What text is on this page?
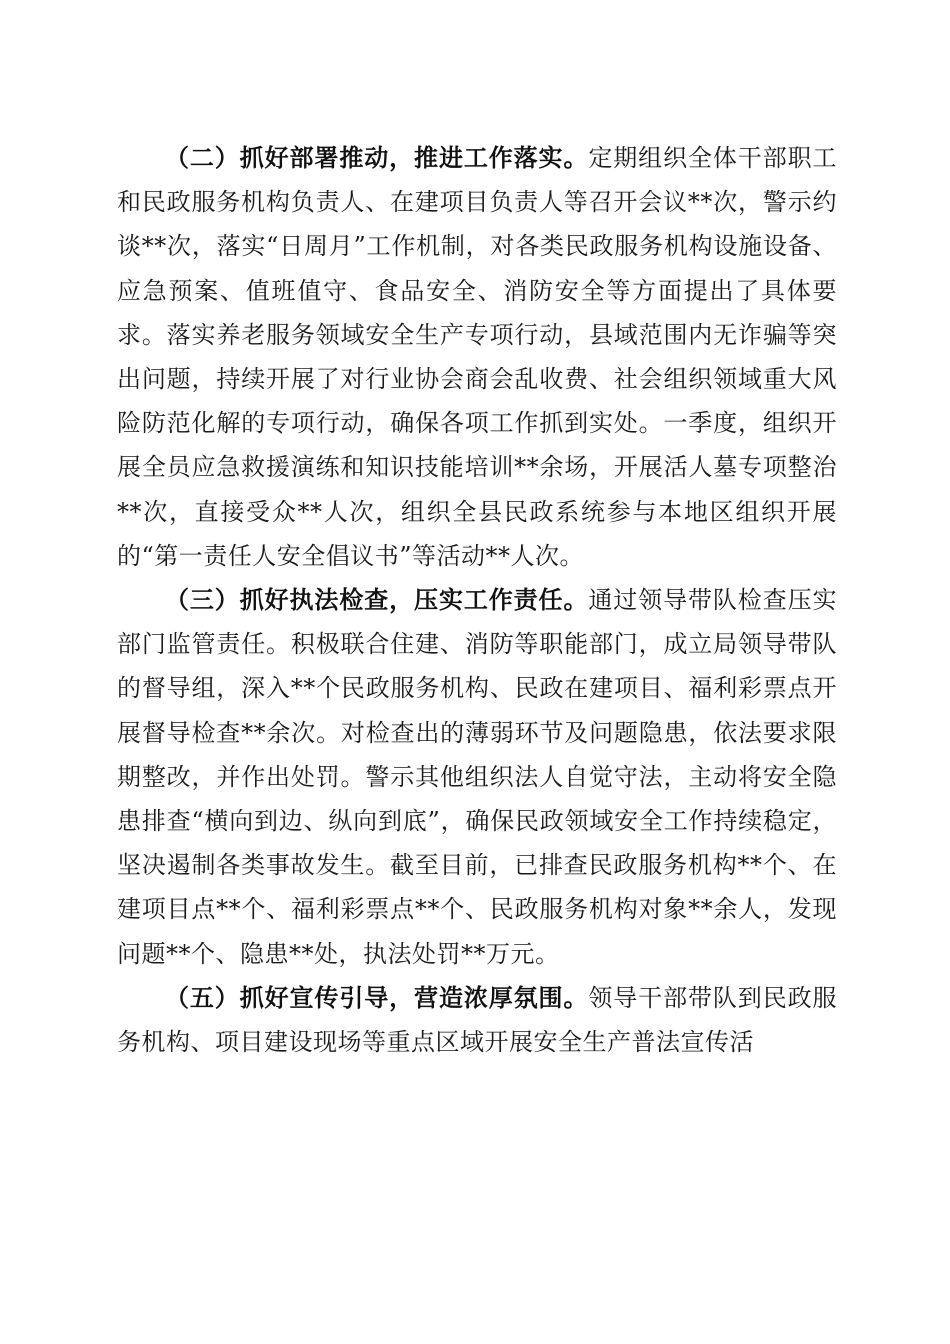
（二）抓好部署推动，推进工作落实。定期组织全体干部职工和民政服务机构负责人、在建项目负责人等召开会议**次，警示约谈**次，落实“日周月”工作机制，对各类民政服务机构设施设备、应急预案、值班值守、食品安全、消防安全等方面提出了具体要求。落实养老服务领域安全生产专项行动，县域范围内无诈骗等突出问题，持续开展了对行业协会商会乱收费、社会组织领域重大风险防范化解的专项行动，确保各项工作抓到实处。一季度，组织开展全员应急救援演练和知识技能培训**余场，开展活人墓专项整治**次，直接受众**人次，组织全县民政系统参与本地区组织开展的“第一责任人安全倡议书”等活动**人次。

（三）抓好执法检查，压实工作责任。通过领导带队检查压实部门监管责任。积极联合住建、消防等职能部门，成立局领导带队的督导组，深入**个民政服务机构、民政在建项目、福利彩票点开展督导检查**余次。对检查出的薄弱环节及问题隐患，依法要求限期整改，并作出处罚。警示其他组织法人自觉守法，主动将安全隐患排查“横向到边、纵向到底”，确保民政领域安全工作持续稳定，坚决遏制各类事故发生。截至目前，已排查民政服务机构**个、在建项目点**个、福利彩票点**个、民政服务机构对象**余人，发现问题**个、隐患**处，执法处罚**万元。

（五）抓好宣传引导，营造浓厚氛围。领导干部带队到民政服务机构、项目建设现场等重点区域开展安全生产普法宣传活
